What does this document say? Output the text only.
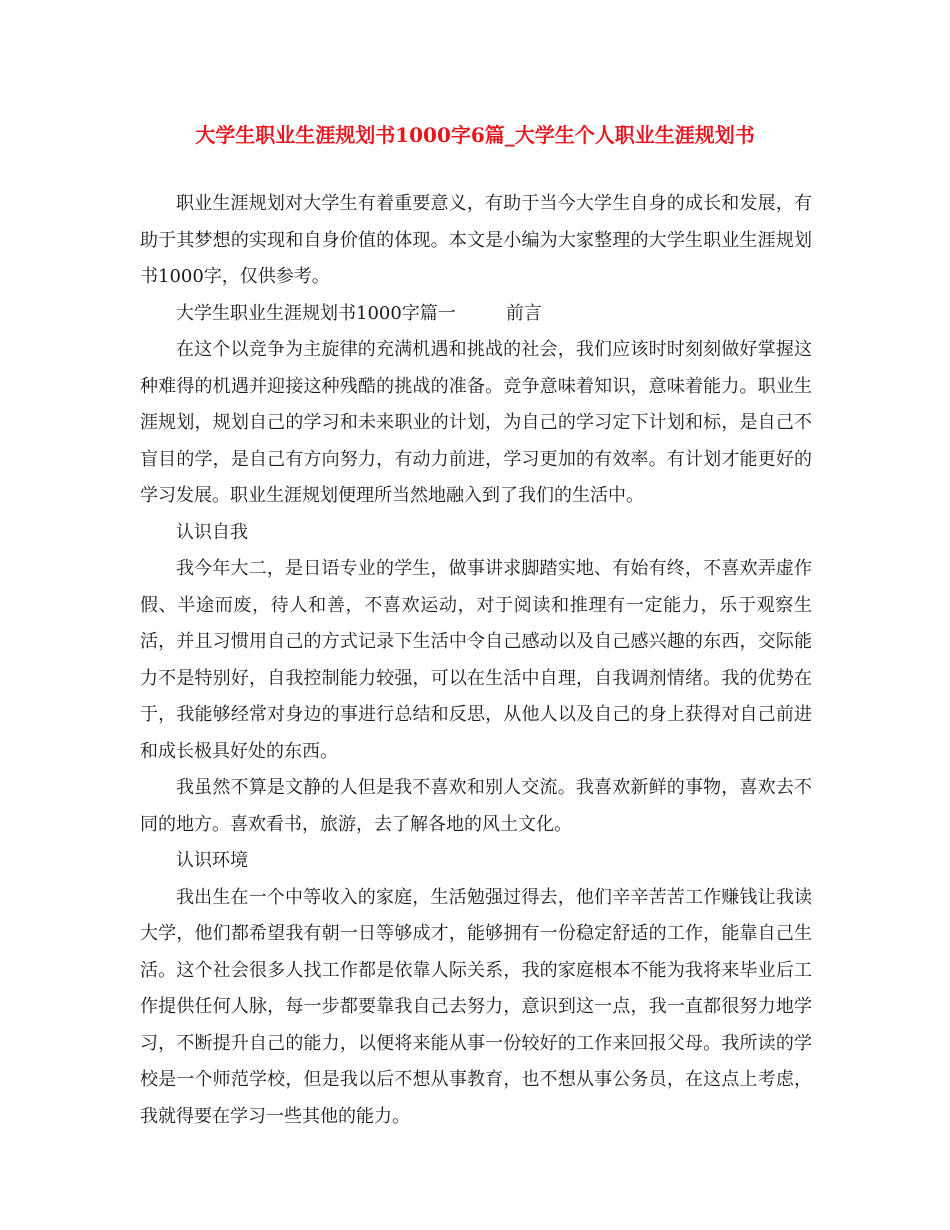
大学生职业生涯规划书1000字6篇_大学生个人职业生涯规划书

职业生涯规划对大学生有着重要意义，有助于当今大学生自身的成长和发展，有助于其梦想的实现和自身价值的体现。本文是小编为大家整理的大学生职业生涯规划书1000字，仅供参考。

大学生职业生涯规划书1000字篇一	前言

在这个以竞争为主旋律的充满机遇和挑战的社会，我们应该时时刻刻做好掌握这种难得的机遇并迎接这种残酷的挑战的准备。竞争意味着知识，意味着能力。职业生涯规划，规划自己的学习和未来职业的计划，为自己的学习定下计划和标，是自己不盲目的学，是自己有方向努力，有动力前进，学习更加的有效率。有计划才能更好的学习发展。职业生涯规划便理所当然地融入到了我们的生活中。

认识自我

我今年大二，是日语专业的学生，做事讲求脚踏实地、有始有终，不喜欢弄虚作假、半途而废，待人和善，不喜欢运动，对于阅读和推理有一定能力，乐于观察生活，并且习惯用自己的方式记录下生活中令自己感动以及自己感兴趣的东西，交际能力不是特别好，自我控制能力较强，可以在生活中自理，自我调剂情绪。我的优势在于，我能够经常对身边的事进行总结和反思，从他人以及自己的身上获得对自己前进和成长极具好处的东西。

我虽然不算是文静的人但是我不喜欢和别人交流。我喜欢新鲜的事物，喜欢去不同的地方。喜欢看书，旅游，去了解各地的风土文化。

认识环境

我出生在一个中等收入的家庭，生活勉强过得去，他们辛辛苦苦工作赚钱让我读大学，他们都希望我有朝一日等够成才，能够拥有一份稳定舒适的工作，能靠自己生活。这个社会很多人找工作都是依靠人际关系，我的家庭根本不能为我将来毕业后工作提供任何人脉，每一步都要靠我自己去努力，意识到这一点，我一直都很努力地学习，不断提升自己的能力，以便将来能从事一份较好的工作来回报父母。我所读的学校是一个师范学校，但是我以后不想从事教育，也不想从事公务员，在这点上考虑，我就得要在学习一些其他的能力。
